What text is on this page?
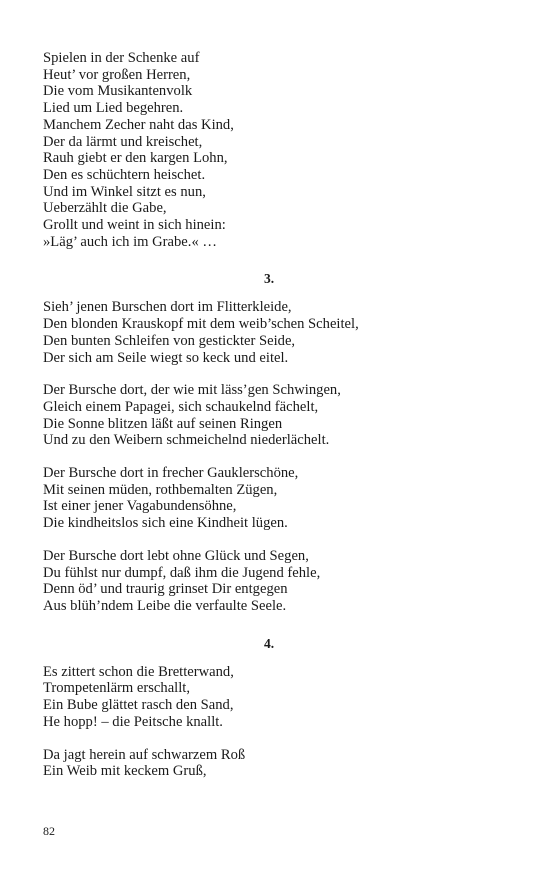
Spielen in der Schenke auf
Heut’ vor großen Herren,
Die vom Musikantenvolk
Lied um Lied begehren.
Manchem Zecher naht das Kind,
Der da lärmt und kreischet,
Rauh giebt er den kargen Lohn,
Den es schüchtern heischet.
Und im Winkel sitzt es nun,
Ueberzählt die Gabe,
Grollt und weint in sich hinein:
»Läg’ auch ich im Grabe.« …
3.
Sieh’ jenen Burschen dort im Flitterkleide,
Den blonden Krauskopf mit dem weib’schen Scheitel,
Den bunten Schleifen von gestickter Seide,
Der sich am Seile wiegt so keck und eitel.
Der Bursche dort, der wie mit läss’gen Schwingen,
Gleich einem Papagei, sich schaukelnd fächelt,
Die Sonne blitzen läßt auf seinen Ringen
Und zu den Weibern schmeichelnd niederlächelt.
Der Bursche dort in frecher Gauklerschöne,
Mit seinen müden, rothbemalten Zügen,
Ist einer jener Vagabundensöhne,
Die kindheitslos sich eine Kindheit lügen.
Der Bursche dort lebt ohne Glück und Segen,
Du fühlst nur dumpf, daß ihm die Jugend fehle,
Denn öd’ und traurig grinset Dir entgegen
Aus blüh’ndem Leibe die verfaulte Seele.
4.
Es zittert schon die Bretterwand,
Trompetenlärm erschallt,
Ein Bube glättet rasch den Sand,
He hopp! – die Peitsche knallt.
Da jagt herein auf schwarzem Roß
Ein Weib mit keckem Gruß,
82
